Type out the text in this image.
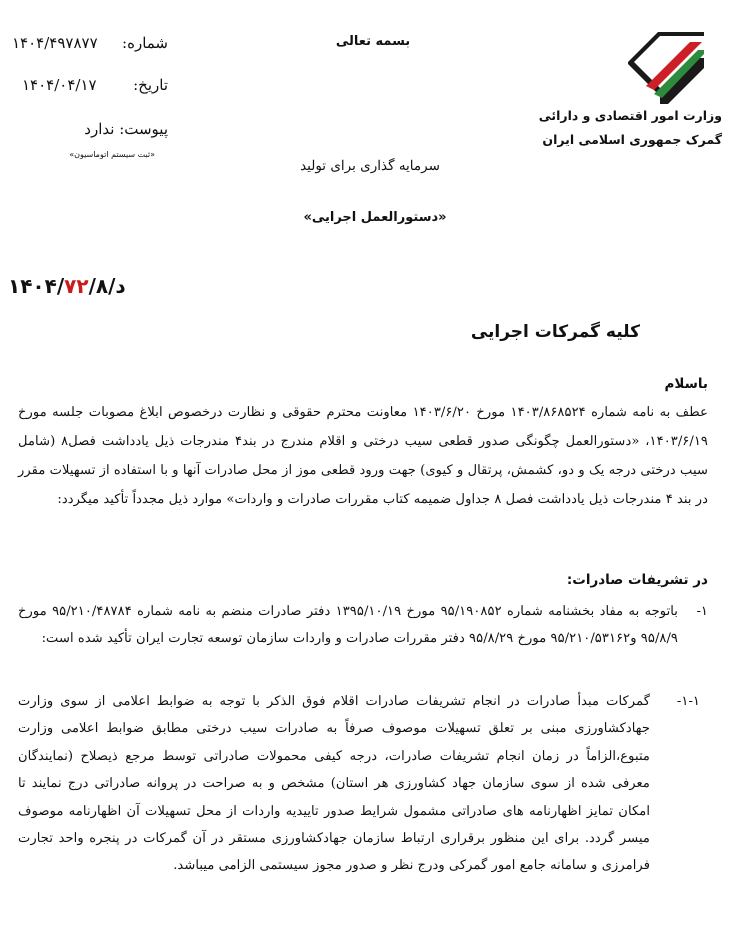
وزارت امور اقتصادی و دارائی
گمرک جمهوری اسلامی ایران
بسمه تعالی
سرمایه گذاری برای تولید
«دستورالعمل اجرایی»
شماره:
۱۴۰۴/۴۹۷۸۷۷
تاریخ:
۱۴۰۴/۰۴/۱۷
پیوست: ندارد
«ثبت سیستم اتوماسیون»
د/۱۴۰۴/۷۲/۸
کلیه گمرکات اجرایی
باسلام
عطف به نامه شماره ۱۴۰۳/۸۶۸۵۲۴ مورخ ۱۴۰۳/۶/۲۰ معاونت محترم حقوقی و نظارت درخصوص ابلاغ مصوبات جلسه مورخ ۱۴۰۳/۶/۱۹، «دستورالعمل چگونگی صدور قطعی سیب درختی و اقلام مندرج در بند۴ مندرجات ذیل یادداشت فصل۸ (شامل سیب درختی درجه یک و دو، کشمش، پرتقال و کیوی) جهت ورود قطعی موز از محل صادرات آنها و با استفاده از تسهیلات مقرر در بند ۴ مندرجات ذیل یادداشت فصل ۸ جداول ضمیمه کتاب مقررات صادرات و واردات» موارد ذیل مجدداً تأکید میگردد:
در تشریفات صادرات:
۱-
باتوجه به مفاد بخشنامه شماره ۹۵/۱۹۰۸۵۲ مورخ ۱۳۹۵/۱۰/۱۹ دفتر صادرات منضم به نامه شماره ۹۵/۲۱۰/۴۸۷۸۴ مورخ ۹۵/۸/۹ و۹۵/۲۱۰/۵۳۱۶۲ مورخ ۹۵/۸/۲۹ دفتر مقررات صادرات و واردات سازمان توسعه تجارت ایران تأکید شده است:
۱-۱-
گمرکات مبدأ صادرات در انجام تشریفات صادرات اقلام فوق الذکر با توجه به ضوابط اعلامی از سوی وزارت جهادکشاورزی مبنی بر تعلق تسهیلات موصوف صرفاً به صادرات سیب درختی مطابق ضوابط اعلامی وزارت متبوع،الزاماً در زمان انجام تشریفات صادرات، درجه کیفی محمولات صادراتی توسط مرجع ذیصلاح (نمایندگان معرفی شده از سوی سازمان جهاد کشاورزی هر استان) مشخص و به صراحت در پروانه صادراتی درج نمایند تا امکان تمایز اظهارنامه های صادراتی مشمول شرایط صدور تاییدیه واردات از محل تسهیلات آن اظهارنامه موصوف میسر گردد. برای این منظور برقراری ارتباط سازمان جهادکشاورزی مستقر در آن گمرکات در پنجره واحد تجارت فرامرزی و سامانه جامع امور گمرکی ودرج نظر و صدور مجوز سیستمی الزامی میباشد.
